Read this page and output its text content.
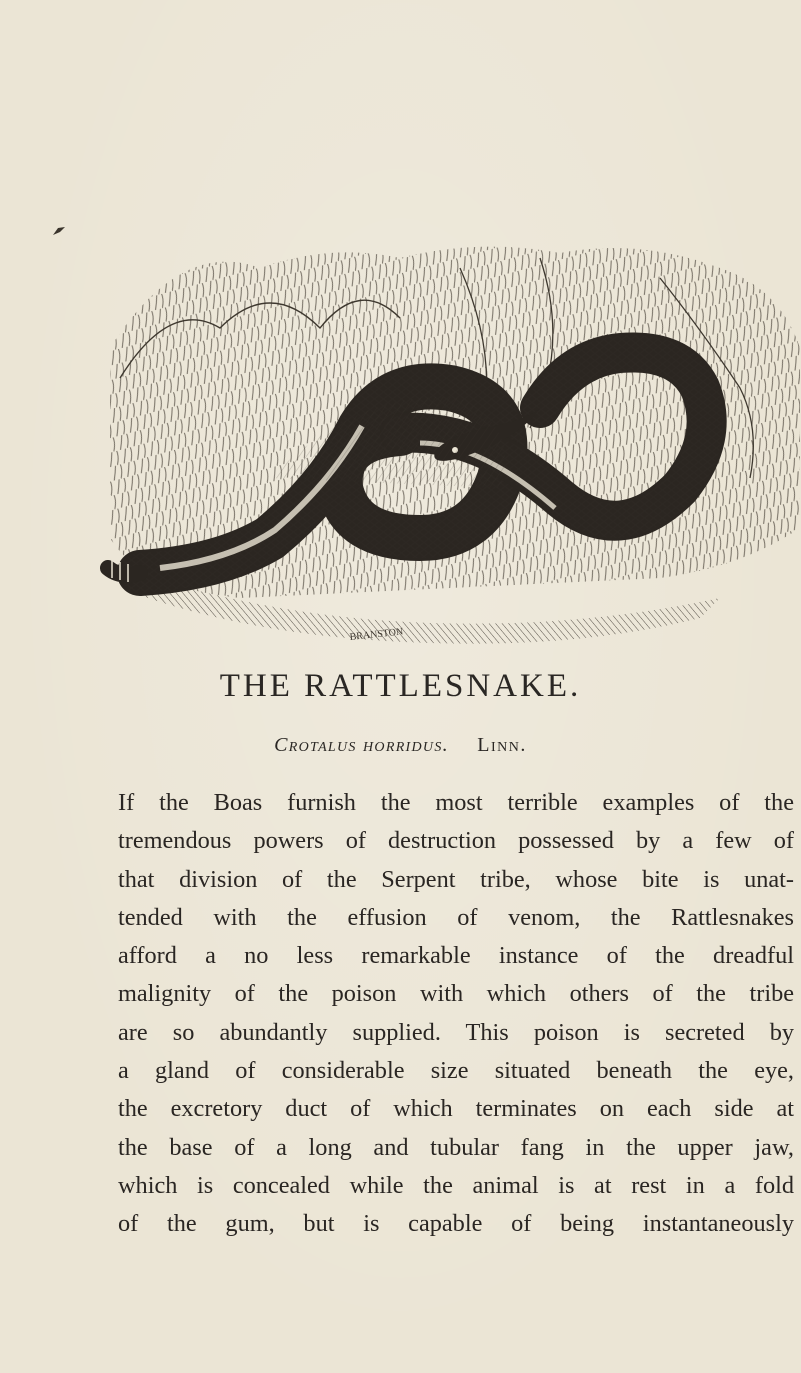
BRANSTON
THE RATTLESNAKE.
Crotalus horridus. Linn.
If the Boas furnish the most terrible examples of the
tremendous powers of destruction possessed by a few of
that division of the Serpent tribe, whose bite is unat-
tended with the effusion of venom, the Rattlesnakes
afford a no less remarkable instance of the dreadful
malignity of the poison with which others of the tribe
are so abundantly supplied. This poison is secreted by
a gland of considerable size situated beneath the eye,
the excretory duct of which terminates on each side at
the base of a long and tubular fang in the upper jaw,
which is concealed while the animal is at rest in a fold
of the gum, but is capable of being instantaneously
